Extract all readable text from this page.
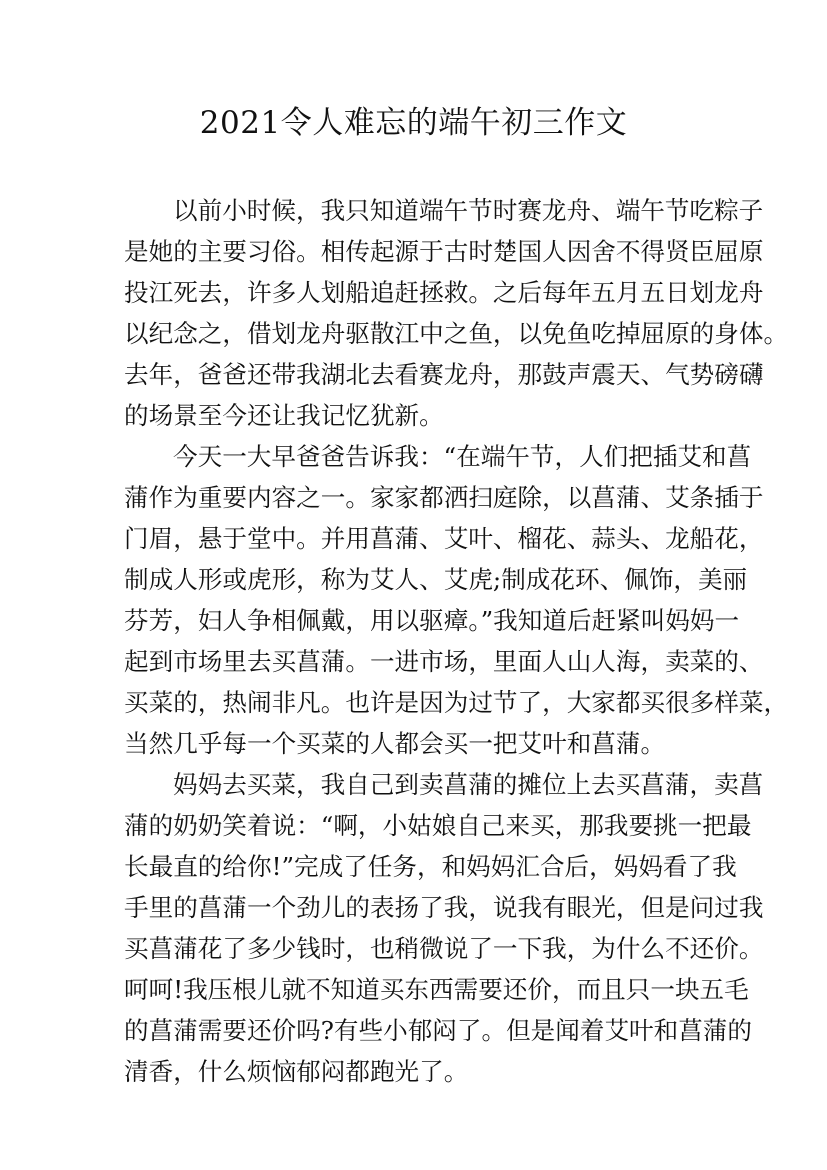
2021令人难忘的端午初三作文
以前小时候，我只知道端午节时赛龙舟、端午节吃粽子
是她的主要习俗。相传起源于古时楚国人因舍不得贤臣屈原
投江死去，许多人划船追赶拯救。之后每年五月五日划龙舟
以纪念之，借划龙舟驱散江中之鱼，以免鱼吃掉屈原的身体。
去年，爸爸还带我湖北去看赛龙舟，那鼓声震天、气势磅礴
的场景至今还让我记忆犹新。
今天一大早爸爸告诉我：“在端午节，人们把插艾和菖
蒲作为重要内容之一。家家都洒扫庭除，以菖蒲、艾条插于
门眉，悬于堂中。并用菖蒲、艾叶、榴花、蒜头、龙船花，
制成人形或虎形，称为艾人、艾虎;制成花环、佩饰，美丽
芬芳，妇人争相佩戴，用以驱瘴。”我知道后赶紧叫妈妈一
起到市场里去买菖蒲。一进市场，里面人山人海，卖菜的、
买菜的，热闹非凡。也许是因为过节了，大家都买很多样菜，
当然几乎每一个买菜的人都会买一把艾叶和菖蒲。
妈妈去买菜，我自己到卖菖蒲的摊位上去买菖蒲，卖菖
蒲的奶奶笑着说：“啊，小姑娘自己来买，那我要挑一把最
长最直的给你!”完成了任务，和妈妈汇合后，妈妈看了我
手里的菖蒲一个劲儿的表扬了我，说我有眼光，但是问过我
买菖蒲花了多少钱时，也稍微说了一下我，为什么不还价。
呵呵!我压根儿就不知道买东西需要还价，而且只一块五毛
的菖蒲需要还价吗?有些小郁闷了。但是闻着艾叶和菖蒲的
清香，什么烦恼郁闷都跑光了。
